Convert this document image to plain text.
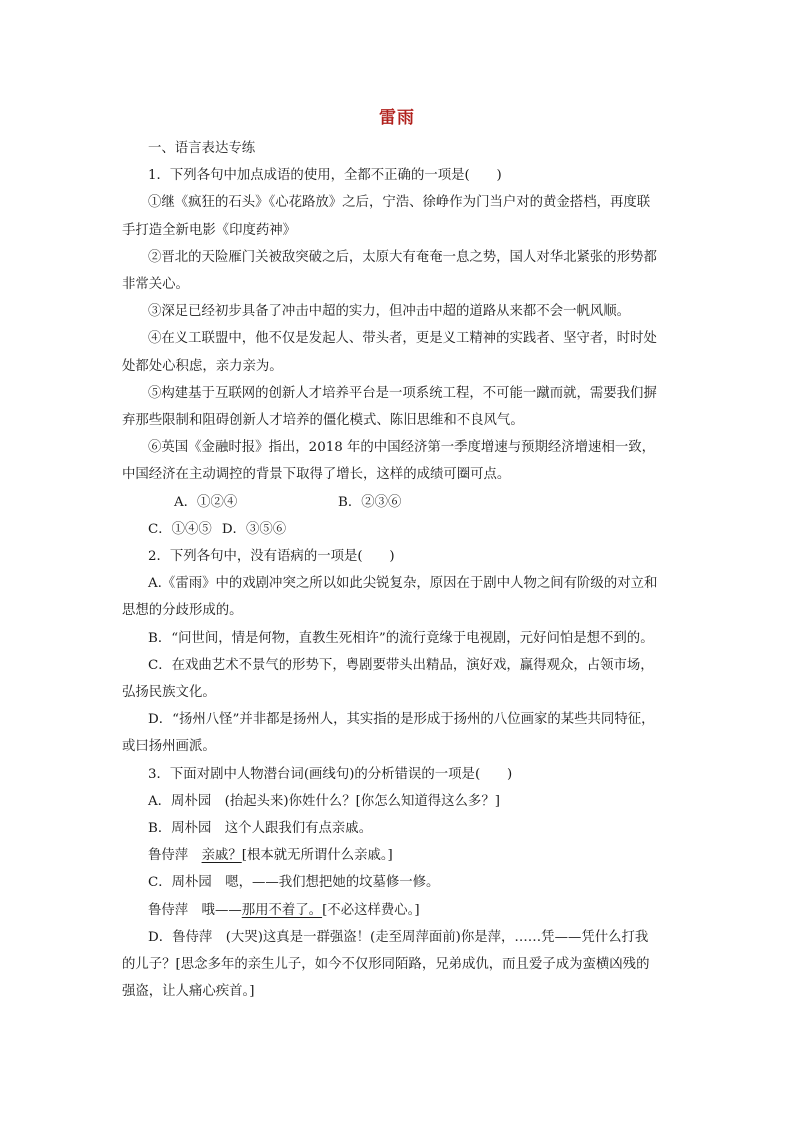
雷雨

一、语言表达专练

1．下列各句中加点成语的使用，全都不正确的一项是(　　)

①继《疯狂的石头》《心花路放》之后，宁浩、徐峥作为门当户对的黄金搭档，再度联

手打造全新电影《印度药神》

②晋北的天险雁门关被敌突破之后，太原大有奄奄一息之势，国人对华北紧张的形势都

非常关心。

③深足已经初步具备了冲击中超的实力，但冲击中超的道路从来都不会一帆风顺。

④在义工联盟中，他不仅是发起人、带头者，更是义工精神的实践者、坚守者，时时处

处都处心积虑，亲力亲为。

⑤构建基于互联网的创新人才培养平台是一项系统工程，不可能一蹴而就，需要我们摒

弃那些限制和阻碍创新人才培养的僵化模式、陈旧思维和不良风气。

⑥英国《金融时报》指出，2018 年的中国经济第一季度增速与预期经济增速相一致，

中国经济在主动调控的背景下取得了增长，这样的成绩可圈可点。

A．①②④	B．②③⑥

C．①④⑤ D．③⑤⑥

2．下列各句中，没有语病的一项是(　　)

A.《雷雨》中的戏剧冲突之所以如此尖锐复杂，原因在于剧中人物之间有阶级的对立和

思想的分歧形成的。

B．“问世间，情是何物，直教生死相许”的流行竟缘于电视剧，元好问怕是想不到的。

C．在戏曲艺术不景气的形势下，粤剧要带头出精品，演好戏，赢得观众，占领市场，

弘扬民族文化。

D．“扬州八怪”并非都是扬州人，其实指的是形成于扬州的八位画家的某些共同特征，

或曰扬州画派。

3．下面对剧中人物潜台词(画线句)的分析错误的一项是(　　)

A．周朴园　(抬起头来)你姓什么？[你怎么知道得这么多？]

B．周朴园　这个人跟我们有点亲戚。

鲁侍萍　亲戚？[根本就无所谓什么亲戚。]

C．周朴园　嗯，——我们想把她的坟墓修一修。

鲁侍萍　哦——那用不着了。[不必这样费心。]

D．鲁侍萍　(大哭)这真是一群强盗！(走至周萍面前)你是萍，……凭——凭什么打我

的儿子？[思念多年的亲生儿子，如今不仅形同陌路，兄弟成仇，而且爱子成为蛮横凶残的

强盗，让人痛心疾首。]
